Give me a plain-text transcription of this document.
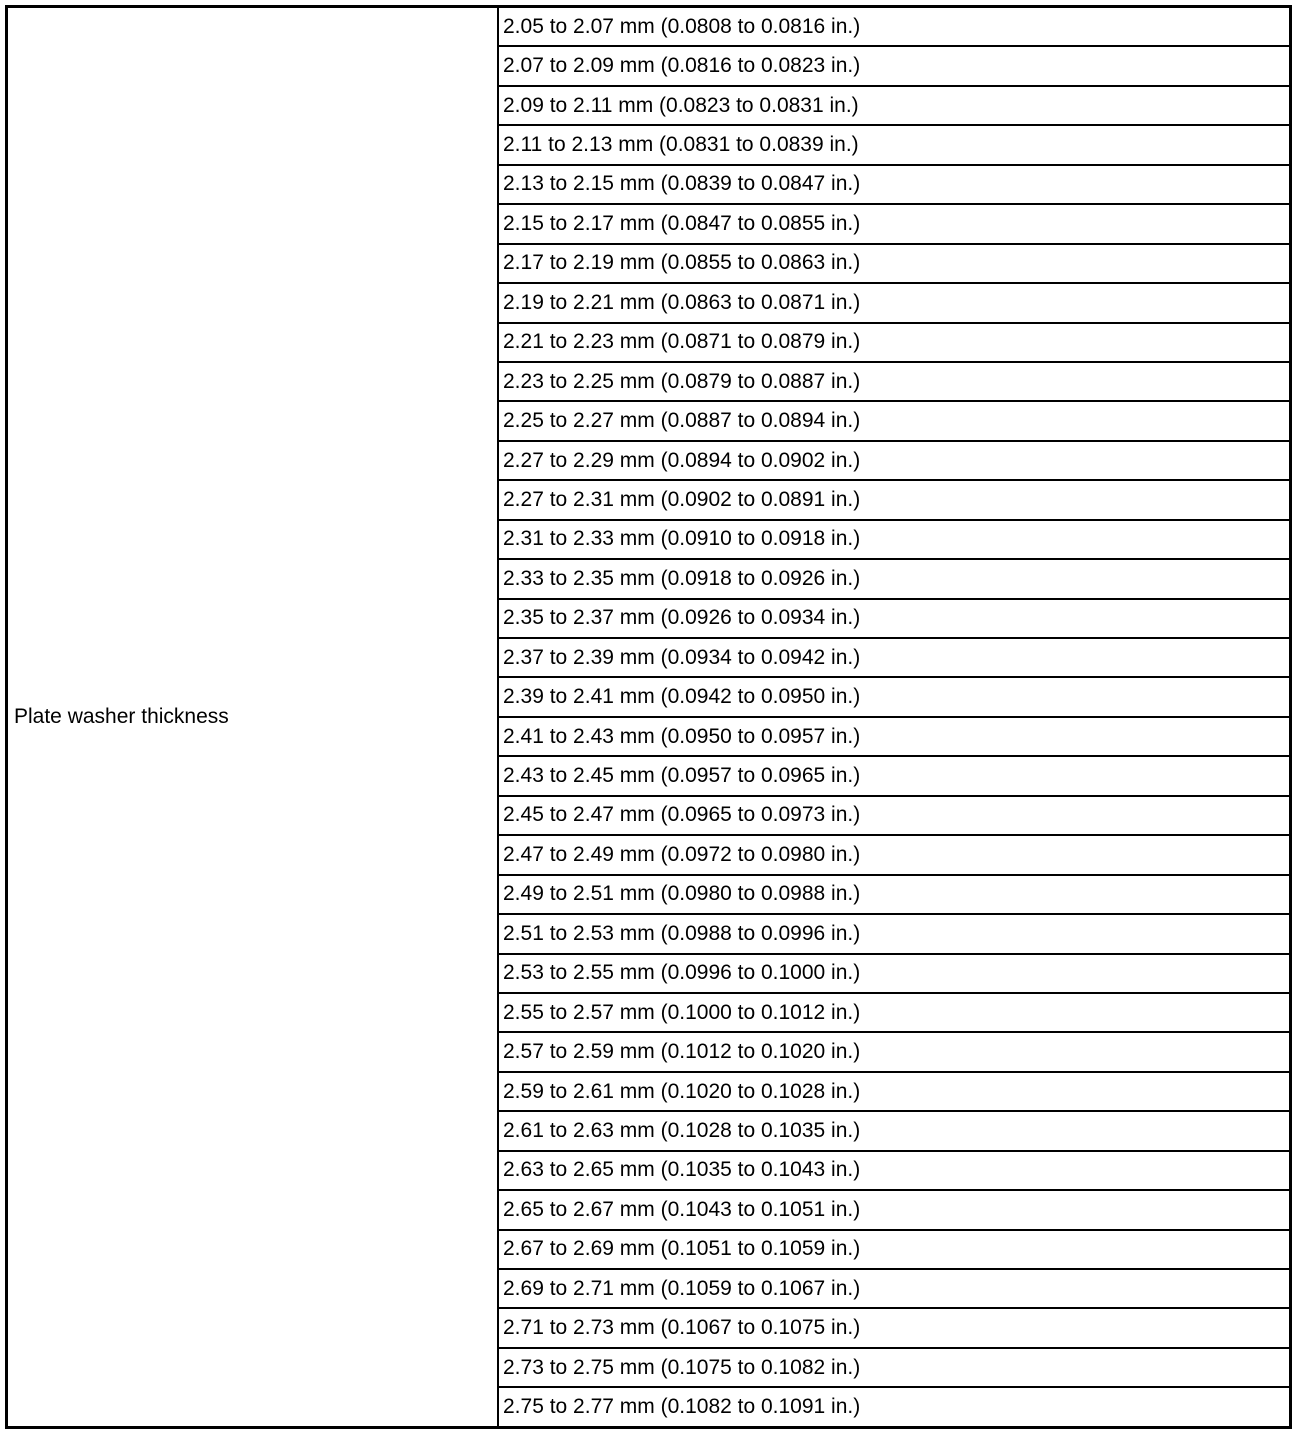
Plate washer thickness
2.05 to 2.07 mm (0.0808 to 0.0816 in.)
2.07 to 2.09 mm (0.0816 to 0.0823 in.)
2.09 to 2.11 mm (0.0823 to 0.0831 in.)
2.11 to 2.13 mm (0.0831 to 0.0839 in.)
2.13 to 2.15 mm (0.0839 to 0.0847 in.)
2.15 to 2.17 mm (0.0847 to 0.0855 in.)
2.17 to 2.19 mm (0.0855 to 0.0863 in.)
2.19 to 2.21 mm (0.0863 to 0.0871 in.)
2.21 to 2.23 mm (0.0871 to 0.0879 in.)
2.23 to 2.25 mm (0.0879 to 0.0887 in.)
2.25 to 2.27 mm (0.0887 to 0.0894 in.)
2.27 to 2.29 mm (0.0894 to 0.0902 in.)
2.27 to 2.31 mm (0.0902 to 0.0891 in.)
2.31 to 2.33 mm (0.0910 to 0.0918 in.)
2.33 to 2.35 mm (0.0918 to 0.0926 in.)
2.35 to 2.37 mm (0.0926 to 0.0934 in.)
2.37 to 2.39 mm (0.0934 to 0.0942 in.)
2.39 to 2.41 mm (0.0942 to 0.0950 in.)
2.41 to 2.43 mm (0.0950 to 0.0957 in.)
2.43 to 2.45 mm (0.0957 to 0.0965 in.)
2.45 to 2.47 mm (0.0965 to 0.0973 in.)
2.47 to 2.49 mm (0.0972 to 0.0980 in.)
2.49 to 2.51 mm (0.0980 to 0.0988 in.)
2.51 to 2.53 mm (0.0988 to 0.0996 in.)
2.53 to 2.55 mm (0.0996 to 0.1000 in.)
2.55 to 2.57 mm (0.1000 to 0.1012 in.)
2.57 to 2.59 mm (0.1012 to 0.1020 in.)
2.59 to 2.61 mm (0.1020 to 0.1028 in.)
2.61 to 2.63 mm (0.1028 to 0.1035 in.)
2.63 to 2.65 mm (0.1035 to 0.1043 in.)
2.65 to 2.67 mm (0.1043 to 0.1051 in.)
2.67 to 2.69 mm (0.1051 to 0.1059 in.)
2.69 to 2.71 mm (0.1059 to 0.1067 in.)
2.71 to 2.73 mm (0.1067 to 0.1075 in.)
2.73 to 2.75 mm (0.1075 to 0.1082 in.)
2.75 to 2.77 mm (0.1082 to 0.1091 in.)
